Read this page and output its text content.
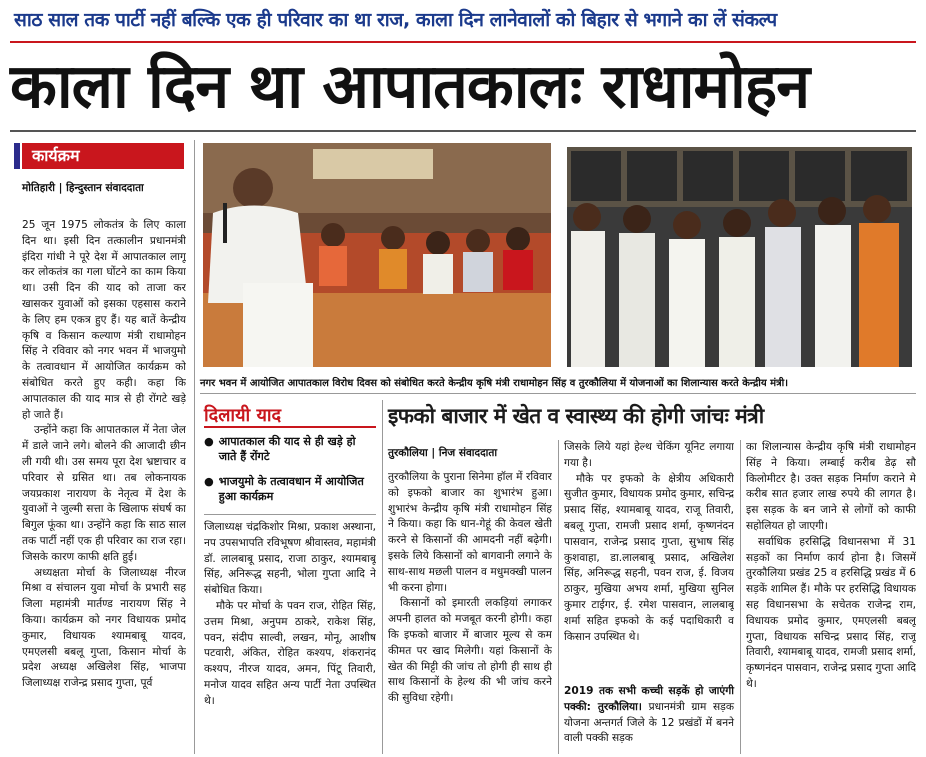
साठ साल तक पार्टी नहीं बल्कि एक ही परिवार का था राज, काला दिन लानेवालों को बिहार से भगाने का लें संकल्प
काला दिन था आपातकालः राधामोहन
कार्यक्रम
मोतिहारी | हिन्दुस्तान संवाददाता

25 जून 1975 लोकतंत्र के लिए काला दिन था। इसी दिन तत्कालीन प्रधानमंत्री इंदिरा गांधी ने पूरे देश में आपातकाल लागू कर लोकतंत्र का गला घोंटने का काम किया था। उसी दिन की याद को ताजा कर खासकर युवाओं को इसका एहसास कराने के लिए हम एकत्र हुए हैं। यह बातें केन्द्रीय कृषि व किसान कल्याण मंत्री राधामोहन सिंह ने रविवार को नगर भवन में भाजयुमो के तत्वावधान में आयोजित कार्यक्रम को संबोधित करते हुए कही। कहा कि आपातकाल की याद मात्र से ही रोंगटे खड़े हो जाते हैं।

उन्होंने कहा कि आपातकाल में नेता जेल में डाले जाने लगे। बोलने की आजादी छीन ली गयी थी। उस समय पूरा देश भ्रष्टाचार व परिवार से ग्रसित था। तब लोकनायक जयप्रकाश नारायण के नेतृत्व में देश के युवाओं ने जुल्मी सत्ता के खिलाफ संघर्ष का बिगुल फूंका था। उन्होंने कहा कि साठ साल तक पार्टी नहीं एक ही परिवार का राज रहा। जिसके कारण काफी क्षति हुई।

अध्यक्षता मोर्चा के जिलाध्यक्ष नीरज मिश्रा व संचालन युवा मोर्चा के प्रभारी सह जिला महामंत्री मार्तण्ड नारायण सिंह ने किया। कार्यक्रम को नगर विधायक प्रमोद कुमार, विधायक श्यामबाबू यादव, एमएलसी बबलू गुप्ता, किसान मोर्चा के प्रदेश अध्यक्ष अखिलेश सिंह, भाजपा जिलाध्यक्ष राजेन्द्र प्रसाद गुप्ता, पूर्व

नगर भवन में आयोजित आपातकाल विरोध दिवस को संबोधित करते केन्द्रीय कृषि मंत्री राधामोहन सिंह व तुरकौलिया में योजनाओं का शिलान्यास करते केन्द्रीय मंत्री।
दिलायी याद
● आपातकाल की याद से ही खड़े हो जाते हैं रोंगटे
● भाजयुमो के तत्वावधान में आयोजित हुआ कार्यक्रम

जिलाध्यक्ष चंद्रकिशोर मिश्रा, प्रकाश अस्थाना, नप उपसभापति रविभूषण श्रीवास्तव, महामंत्री डॉ. लालबाबू प्रसाद, राजा ठाकुर, श्यामबाबू सिंह, अनिरूद्ध सहनी, भोला गुप्ता आदि ने संबोधित किया।

मौके पर मोर्चा के पवन राज, रोहित सिंह, उत्तम मिश्रा, अनुपम ठाकरे, राकेश सिंह, पवन, संदीप साल्वी, लखन, मोनू, आशीष पटवारी, अंकित, रोहित कश्यप, शंकरानंद कश्यप, नीरज यादव, अमन, पिंटू तिवारी, मनोज यादव सहित अन्य पार्टी नेता उपस्थित थे।

इफको बाजार में खेत व स्वास्थ्य की होगी जांचः मंत्री
तुरकौलिया | निज संवाददाता

तुरकौलिया के पुराना सिनेमा हॉल में रविवार को इफको बाजार का शुभारंभ हुआ। शुभारंभ केन्द्रीय कृषि मंत्री राधामोहन सिंह ने किया। कहा कि धान-गेहूं की केवल खेती करने से किसानों की आमदनी नहीं बढ़ेगी। इसके लिये किसानों को बागवानी लगाने के साथ-साथ मछली पालन व मधुमक्खी पालन भी करना होगा।

किसानों को इमारती लकड़ियां लगाकर अपनी हालत को मजबूत करनी होगी। कहा कि इफको बाजार में बाजार मूल्य से कम कीमत पर खाद मिलेगी। यहां किसानों के खेत की मिट्टी की जांच तो होगी ही साथ ही साथ किसानों के हेल्थ की भी जांच करने की सुविधा रहेगी।

जिसके लिये यहां हेल्थ चेकिंग यूनिट लगाया गया है।

मौके पर इफको के क्षेत्रीय अधिकारी सुजीत कुमार, विधायक प्रमोद कुमार, सचिन्द्र प्रसाद सिंह, श्यामबाबू यादव, राजू तिवारी, बबलू गुप्ता, रामजी प्रसाद शर्मा, कृष्णनंदन पासवान, राजेन्द्र प्रसाद गुप्ता, सुभाष सिंह कुशवाहा, डा.लालबाबू प्रसाद, अखिलेश सिंह, अनिरूद्ध सहनी, पवन राज, ई. विजय ठाकुर, मुखिया अभय शर्मा, मुखिया सुनिल कुमार टाईगर, ई. रमेश पासवान, लालबाबू शर्मा सहित इफको के कई पदाधिकारी व किसान उपस्थित थे।

2019 तक सभी कच्ची सड़कें हो जाएंगी पक्की: तुरकौलिया। प्रधानमंत्री ग्राम सड़क योजना अन्तगर्त जिले के 12 प्रखंडों में बनने वाली पक्की सड़क

का शिलान्यास केन्द्रीय कृषि मंत्री राधामोहन सिंह ने किया। लम्बाई करीब डेढ़ सौ किलोमीटर है। उक्त सड़क निर्माण कराने मे करीब सात हजार लाख रुपये की लागत है। इस सड़क के बन जाने से लोगों को काफी सहोलियत हो जाएगी।

सर्वाधिक हरसिद्धि विधानसभा में 31 सड़कों का निर्माण कार्य होना है। जिसमें तुरकौलिया प्रखंड 25 व हरसिद्धि प्रखंड में 6 सड़कें शामिल हैं। मौके पर हरसिद्धि विधायक सह विधानसभा के सचेतक राजेन्द्र राम, विधायक प्रमोद कुमार, एमएलसी बबलू गुप्ता, विधायक सचिन्द्र प्रसाद सिंह, राजू तिवारी, श्यामबाबू यादव, रामजी प्रसाद शर्मा, कृष्णनंदन पासवान, राजेन्द्र प्रसाद गुप्ता आदि थे।
